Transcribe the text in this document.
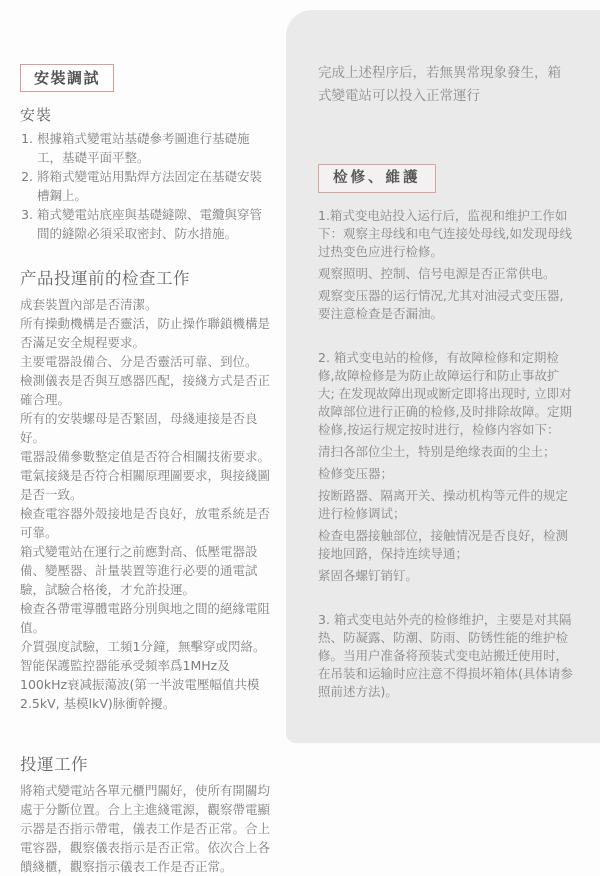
安裝調試
安裝
1. 根據箱式變電站基礎參考圖進行基礎施工，基礎平面平整。
2. 將箱式變電站用點焊方法固定在基礎安裝槽鋼上。
3. 箱式變電站底座與基礎縫隙、電纜與穿管間的縫隙必須采取密封、防水措施。
产品投運前的检查工作

成套裝置內部是否清潔。

所有操動機構是否靈活，防止操作聯鎖機構是否滿足安全規程要求。

主要電器設備合、分是否靈活可靠、到位。

檢測儀表是否與互感器匹配，接綫方式是否正確合理。

所有的安裝螺母是否緊固，母綫連接是否良好。

電器設備參數整定值是否符合相關技術要求。

電氣接綫是否符合相關原理圖要求，與接綫圖是否一致。

檢查電容器外殼接地是否良好，放電系統是否可靠。

箱式變電站在運行之前應對高、低壓電器設備、變壓器、計量裝置等進行必要的通電試驗，試驗合格後，才允許投運。

檢查各帶電導體電路分別與地之間的絕緣電阻值。

介質强度試驗，工頻1分鐘，無擊穿或閃絡。

智能保護監控器能承受頻率爲1MHz及100kHz衰减振蕩波(第一半波電壓幅值共模2.5kV, 基模lkV)脉衝幹擾。

投運工作

將箱式變電站各單元櫃門關好，使所有開關均處于分斷位置。合上主進綫電源，觀察帶電顯示器是否指示帶電，儀表工作是否正常。合上電容器，觀察儀表指示是否正常。依次合上各饋綫櫃，觀察指示儀表工作是否正常。

完成上述程序后，若無異常現象發生，箱式變電站可以投入正常運行

检修、維護

1.箱式变电站投入运行后，监视和维护工作如下：观察主母线和电气连接处母线,如发现母线过热变色应进行检修。

观察照明、控制、信号电源是否正常供电。

观察变压器的运行情况,尤其对油浸式变压器,要注意检查是否漏油。

2. 箱式变电站的检修，有故障检修和定期检修,故障检修是为防止故障运行和防止事故扩大; 在发现故障出现或断定即将出现时, 立即对故障部位进行正确的检修,及时排除故障。定期检修,按运行规定按时进行，检修内容如下：

清扫各部位尘土，特别是绝缘表面的尘土；

检修变压器；

按断路器、隔离开关、操动机构等元件的规定进行检修调试；

检查电器接触部位，接触情况是否良好，检测接地回路，保持连续导通；

紧固各螺钉销钉。

3. 箱式变电站外壳的检修维护，主要是对其隔热、防凝露、防潮、防雨、防锈性能的维护检修。当用户准备将预装式变电站搬迁使用时，在吊装和运输时应注意不得损坏箱体(具体请参照前述方法)。
